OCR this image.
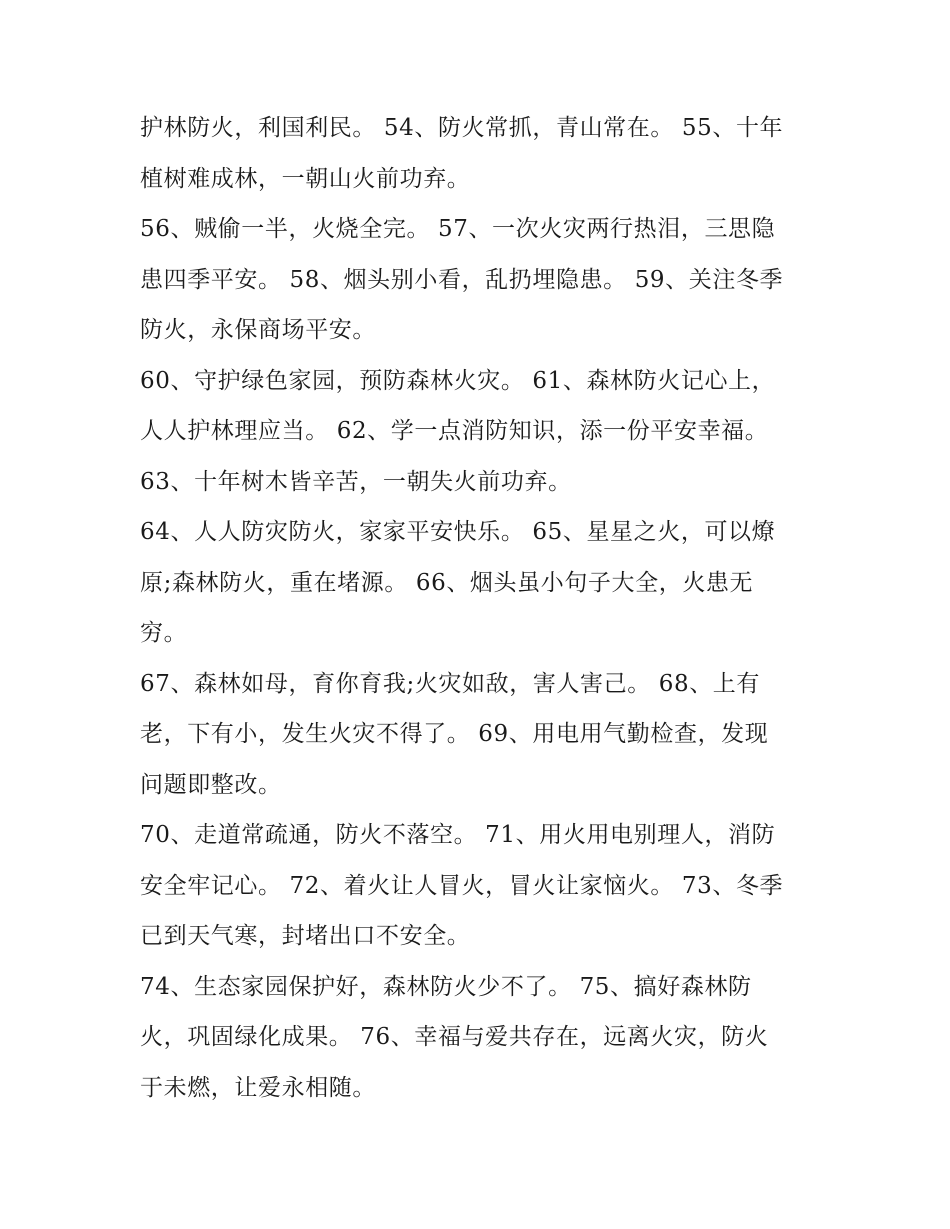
护林防火，利国利民。 54、防火常抓，青山常在。 55、十年
植树难成林，一朝山火前功弃。
56、贼偷一半，火烧全完。 57、一次火灾两行热泪，三思隐
患四季平安。 58、烟头别小看，乱扔埋隐患。 59、关注冬季
防火，永保商场平安。
60、守护绿色家园，预防森林火灾。 61、森林防火记心上，
人人护林理应当。 62、学一点消防知识，添一份平安幸福。
63、十年树木皆辛苦，一朝失火前功弃。
64、人人防灾防火，家家平安快乐。 65、星星之火，可以燎
原;森林防火，重在堵源。 66、烟头虽小句子大全，火患无
穷。
67、森林如母，育你育我;火灾如敌，害人害己。 68、上有
老，下有小，发生火灾不得了。 69、用电用气勤检查，发现
问题即整改。
70、走道常疏通，防火不落空。 71、用火用电别理人，消防
安全牢记心。 72、着火让人冒火，冒火让家恼火。 73、冬季
已到天气寒，封堵出口不安全。
74、生态家园保护好，森林防火少不了。 75、搞好森林防
火，巩固绿化成果。 76、幸福与爱共存在，远离火灾，防火
于未燃，让爱永相随。
